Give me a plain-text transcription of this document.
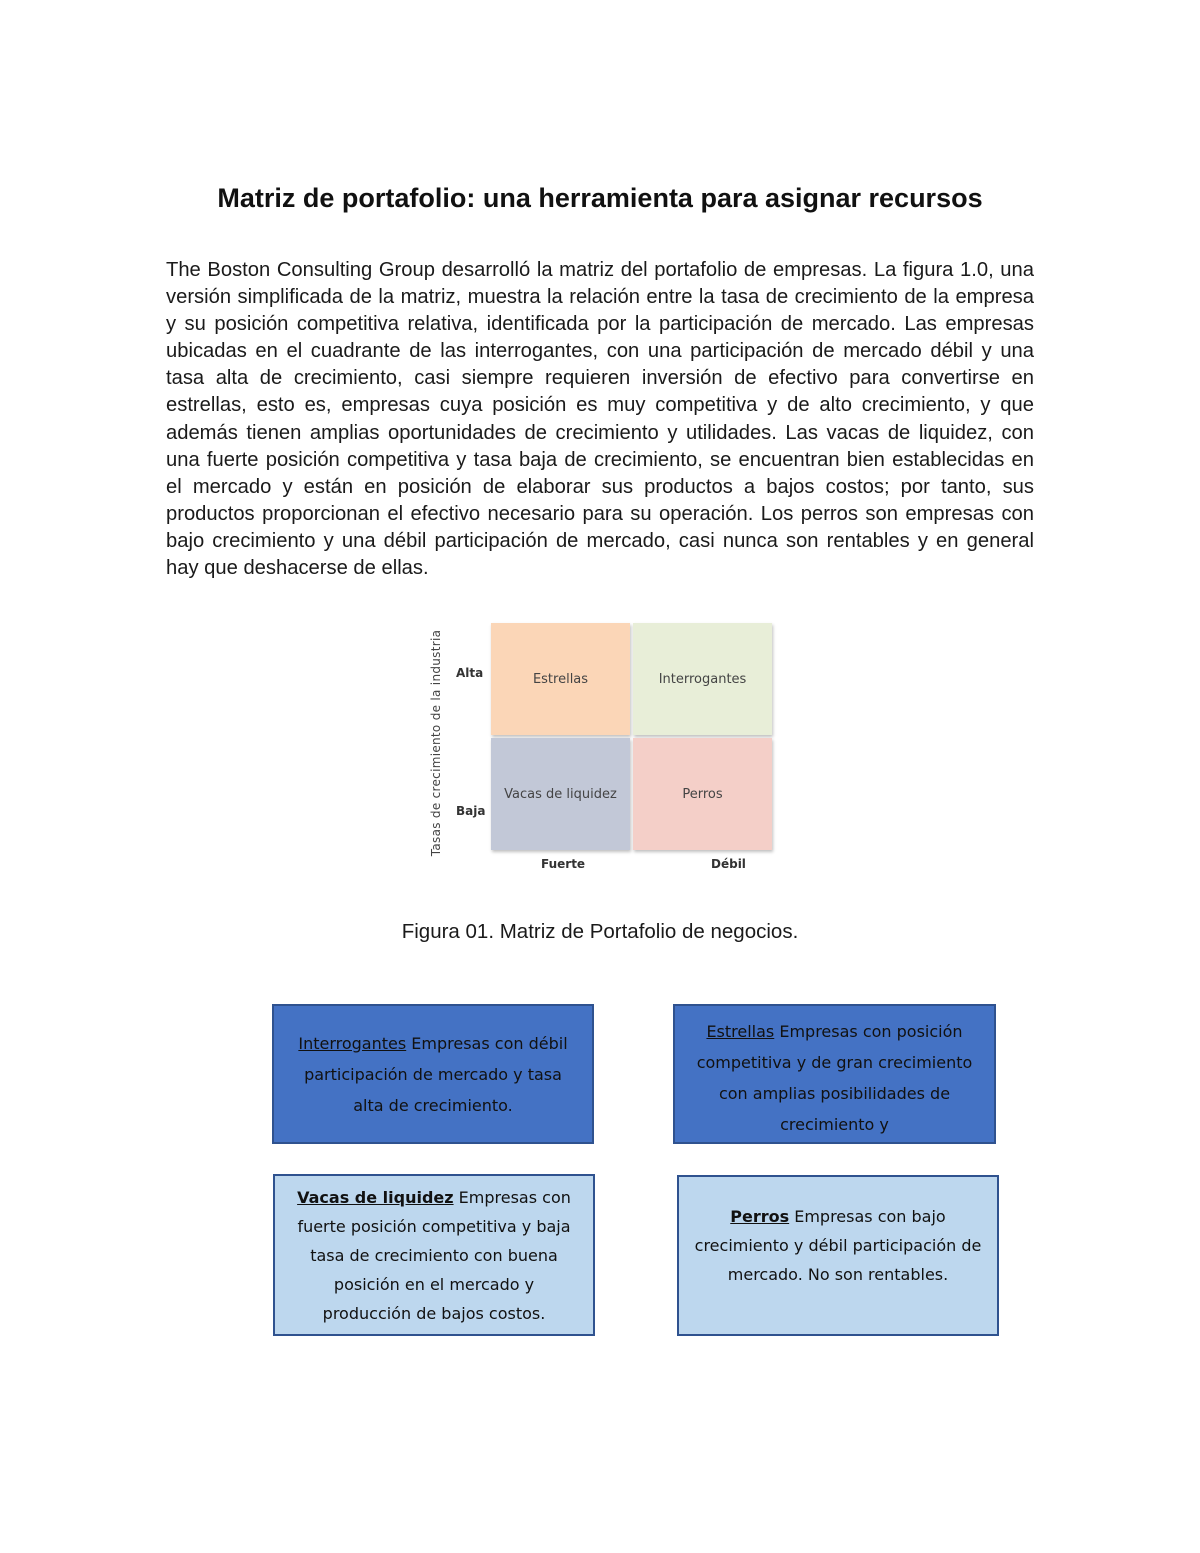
Matriz de portafolio: una herramienta para asignar recursos
The Boston Consulting Group desarrolló la matriz del portafolio de empresas. La figura 1.0, una versión simplificada de la matriz, muestra la relación entre la tasa de crecimiento de la empresa y su posición competitiva relativa, identificada por la participación de mercado. Las empresas ubicadas en el cuadrante de las interrogantes, con una participación de mercado débil y una tasa alta de crecimiento, casi siempre requieren inversión de efectivo para convertirse en estrellas, esto es, empresas cuya posición es muy competitiva y de alto crecimiento, y que además tienen amplias oportunidades de crecimiento y utilidades. Las vacas de liquidez, con una fuerte posición competitiva y tasa baja de crecimiento, se encuentran bien establecidas en el mercado y están en posición de elaborar sus productos a bajos costos; por tanto, sus productos proporcionan el efectivo necesario para su operación. Los perros son empresas con bajo crecimiento y una débil participación de mercado, casi nunca son rentables y en general hay que deshacerse de ellas.
Tasas de crecimiento de la industria Alta
Baja
Estrellas	Interrogantes
Vacas de liquidez	Perros
Fuerte	Débil
Figura 01. Matriz de Portafolio de negocios.
Interrogantes Empresas con débil participación de mercado y tasa alta de crecimiento.
Estrellas Empresas con posición competitiva y de gran crecimiento con amplias posibilidades de crecimiento y
Vacas de liquidez Empresas con fuerte posición competitiva y baja tasa de crecimiento con buena posición en el mercado y producción de bajos costos.
Perros Empresas con bajo crecimiento y débil participación de mercado. No son rentables.
